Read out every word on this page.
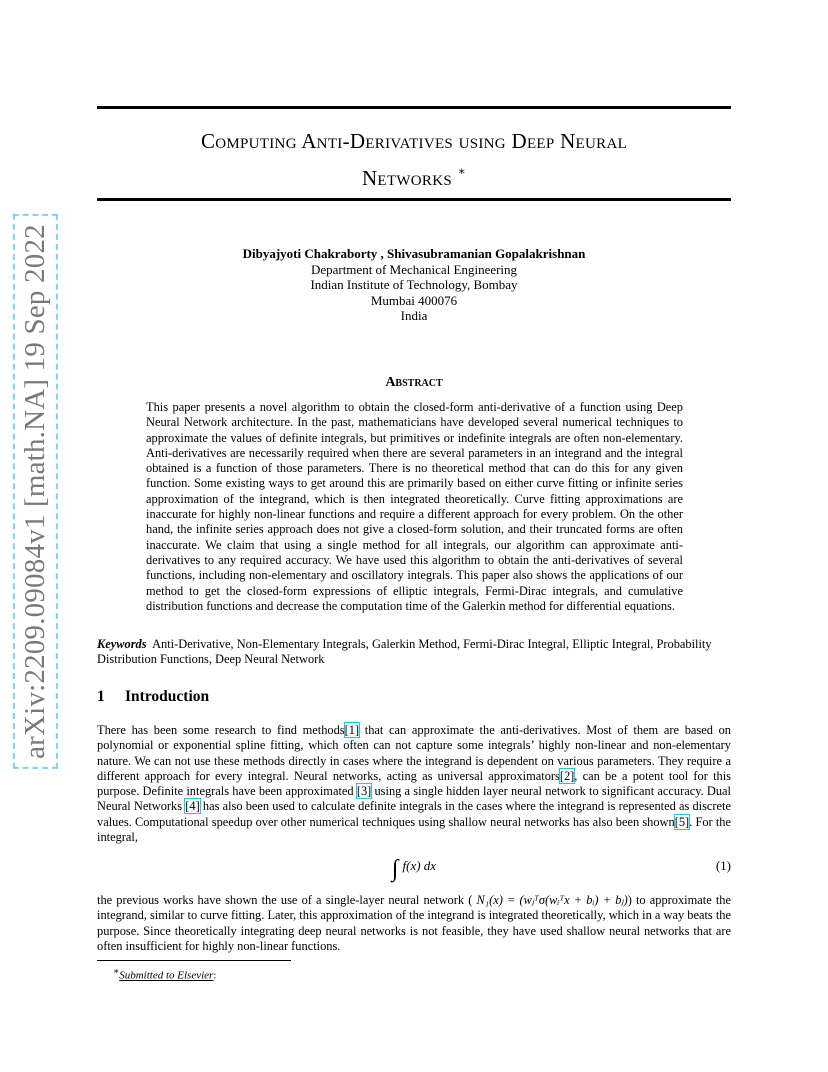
arXiv:2209.09084v1 [math.NA] 19 Sep 2022
Computing Anti-Derivatives using Deep Neural
Networks ∗
Dibyajyoti Chakraborty , Shivasubramanian Gopalakrishnan
Department of Mechanical Engineering
Indian Institute of Technology, Bombay
Mumbai 400076
India
Abstract

This paper presents a novel algorithm to obtain the closed-form anti-derivative of a function using Deep Neural Network architecture. In the past, mathematicians have developed several numerical techniques to approximate the values of definite integrals, but primitives or indefinite integrals are often non-elementary. Anti-derivatives are necessarily required when there are several parameters in an integrand and the integral obtained is a function of those parameters. There is no theoretical method that can do this for any given function. Some existing ways to get around this are primarily based on either curve fitting or infinite series approximation of the integrand, which is then integrated theoretically. Curve fitting approximations are inaccurate for highly non-linear functions and require a different approach for every problem. On the other hand, the infinite series approach does not give a closed-form solution, and their truncated forms are often inaccurate. We claim that using a single method for all integrals, our algorithm can approximate anti-derivatives to any required accuracy. We have used this algorithm to obtain the anti-derivatives of several functions, including non-elementary and oscillatory integrals. This paper also shows the applications of our method to get the closed-form expressions of elliptic integrals, Fermi-Dirac integrals, and cumulative distribution functions and decrease the computation time of the Galerkin method for differential equations.

Keywords Anti-Derivative, Non-Elementary Integrals, Galerkin Method, Fermi-Dirac Integral, Elliptic Integral, Probability Distribution Functions, Deep Neural Network

1 Introduction

There has been some research to find methods[1] that can approximate the anti-derivatives. Most of them are based on polynomial or exponential spline fitting, which often can not capture some integrals’ highly non-linear and non-elementary nature. We can not use these methods directly in cases where the integrand is dependent on various parameters. They require a different approach for every integral. Neural networks, acting as universal approximators[2], can be a potent tool for this purpose. Definite integrals have been approximated [3] using a single hidden layer neural network to significant accuracy. Dual Neural Networks [4] has also been used to calculate definite integrals in the cases where the integrand is represented as discrete values. Computational speedup over other numerical techniques using shallow neural networks has also been shown[5]. For the integral,

∫ f(x) dx	(1)

the previous works have shown the use of a single-layer neural network ( N₁(x) = (wⱼᵀσ(wᵢᵀx + bᵢ) + bⱼ)) to approximate the integrand, similar to curve fitting. Later, this approximation of the integrand is integrated theoretically, which in a way beats the purpose. Since theoretically integrating deep neural networks is not feasible, they have used shallow neural networks that are often insufficient for highly non-linear functions.

∗Submitted to Elsevier:
